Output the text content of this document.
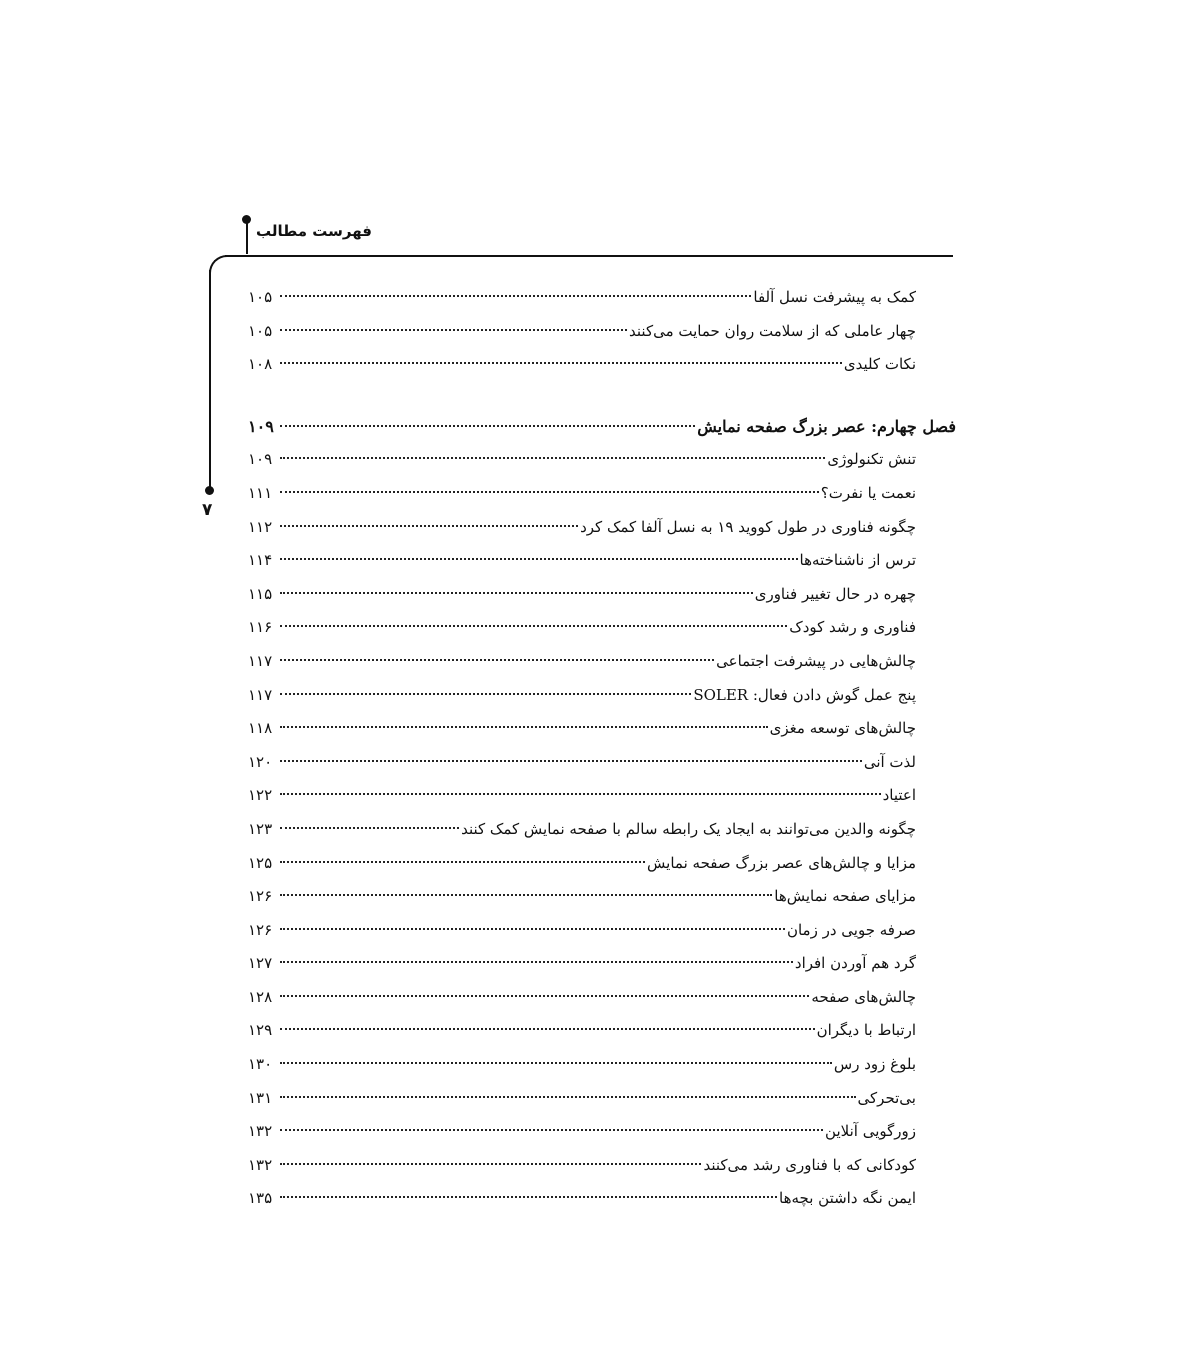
فهرست مطالب
۷
کمک به پیشرفت نسل آلفا
۱۰۵
چهار عاملی که از سلامت روان حمایت می‌کنند
۱۰۵
نکات کلیدی
۱۰۸
فصل چهارم: عصر بزرگ صفحه نمایش
۱۰۹
تنش تکنولوژی
۱۰۹
نعمت یا نفرت؟
۱۱۱
چگونه فناوری در طول کووید ۱۹ به نسل آلفا کمک کرد
۱۱۲
ترس از ناشناخته‌ها
۱۱۴
چهره در حال تغییر فناوری
۱۱۵
فناوری و رشد کودک
۱۱۶
چالش‌هایی در پیشرفت اجتماعی
۱۱۷
پنج عمل گوش دادن فعال: SOLER
۱۱۷
چالش‌های توسعه مغزی
۱۱۸
لذت آنی
۱۲۰
اعتیاد
۱۲۲
چگونه والدین می‌توانند به ایجاد یک رابطه سالم با صفحه نمایش کمک کنند
۱۲۳
مزایا و چالش‌های عصر بزرگ صفحه نمایش
۱۲۵
مزایای صفحه نمایش‌ها
۱۲۶
صرفه جویی در زمان
۱۲۶
گرد هم آوردن افراد
۱۲۷
چالش‌های صفحه
۱۲۸
ارتباط با دیگران
۱۲۹
بلوغ زود رس
۱۳۰
بی‌تحرکی
۱۳۱
زورگویی آنلاین
۱۳۲
کودکانی که با فناوری رشد می‌کنند
۱۳۲
ایمن نگه داشتن بچه‌ها
۱۳۵
